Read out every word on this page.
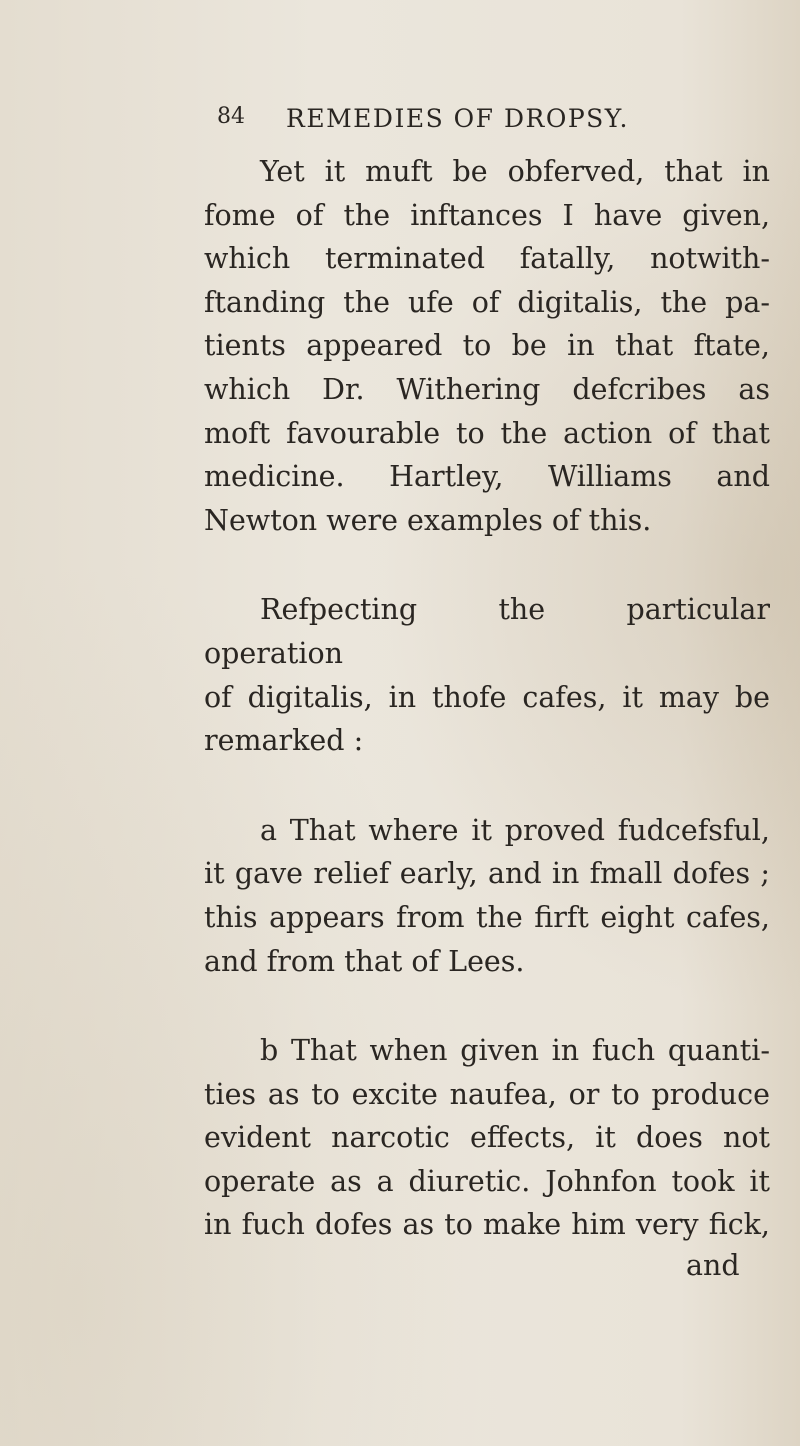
84	REMEDIES OF DROPSY.

Yet it muft be obferved, that in

fome of the inftances I have given,

which terminated fatally, notwith-

ftanding the ufe of digitalis, the pa-

tients appeared to be in that ftate,

which Dr. Withering defcribes as

moft favourable to the action of that

medicine. Hartley, Williams and

Newton were examples of this.

Refpecting the particular operation

of digitalis, in thofe cafes, it may be

remarked :

a That where it proved fudcefsful,

it gave relief early, and in fmall dofes ;

this appears from the firft eight cafes,

and from that of Lees.

b That when given in fuch quanti-

ties as to excite naufea, or to produce

evident narcotic effects, it does not

operate as a diuretic. Johnfon took it

in fuch dofes as to make him very fick,

and
